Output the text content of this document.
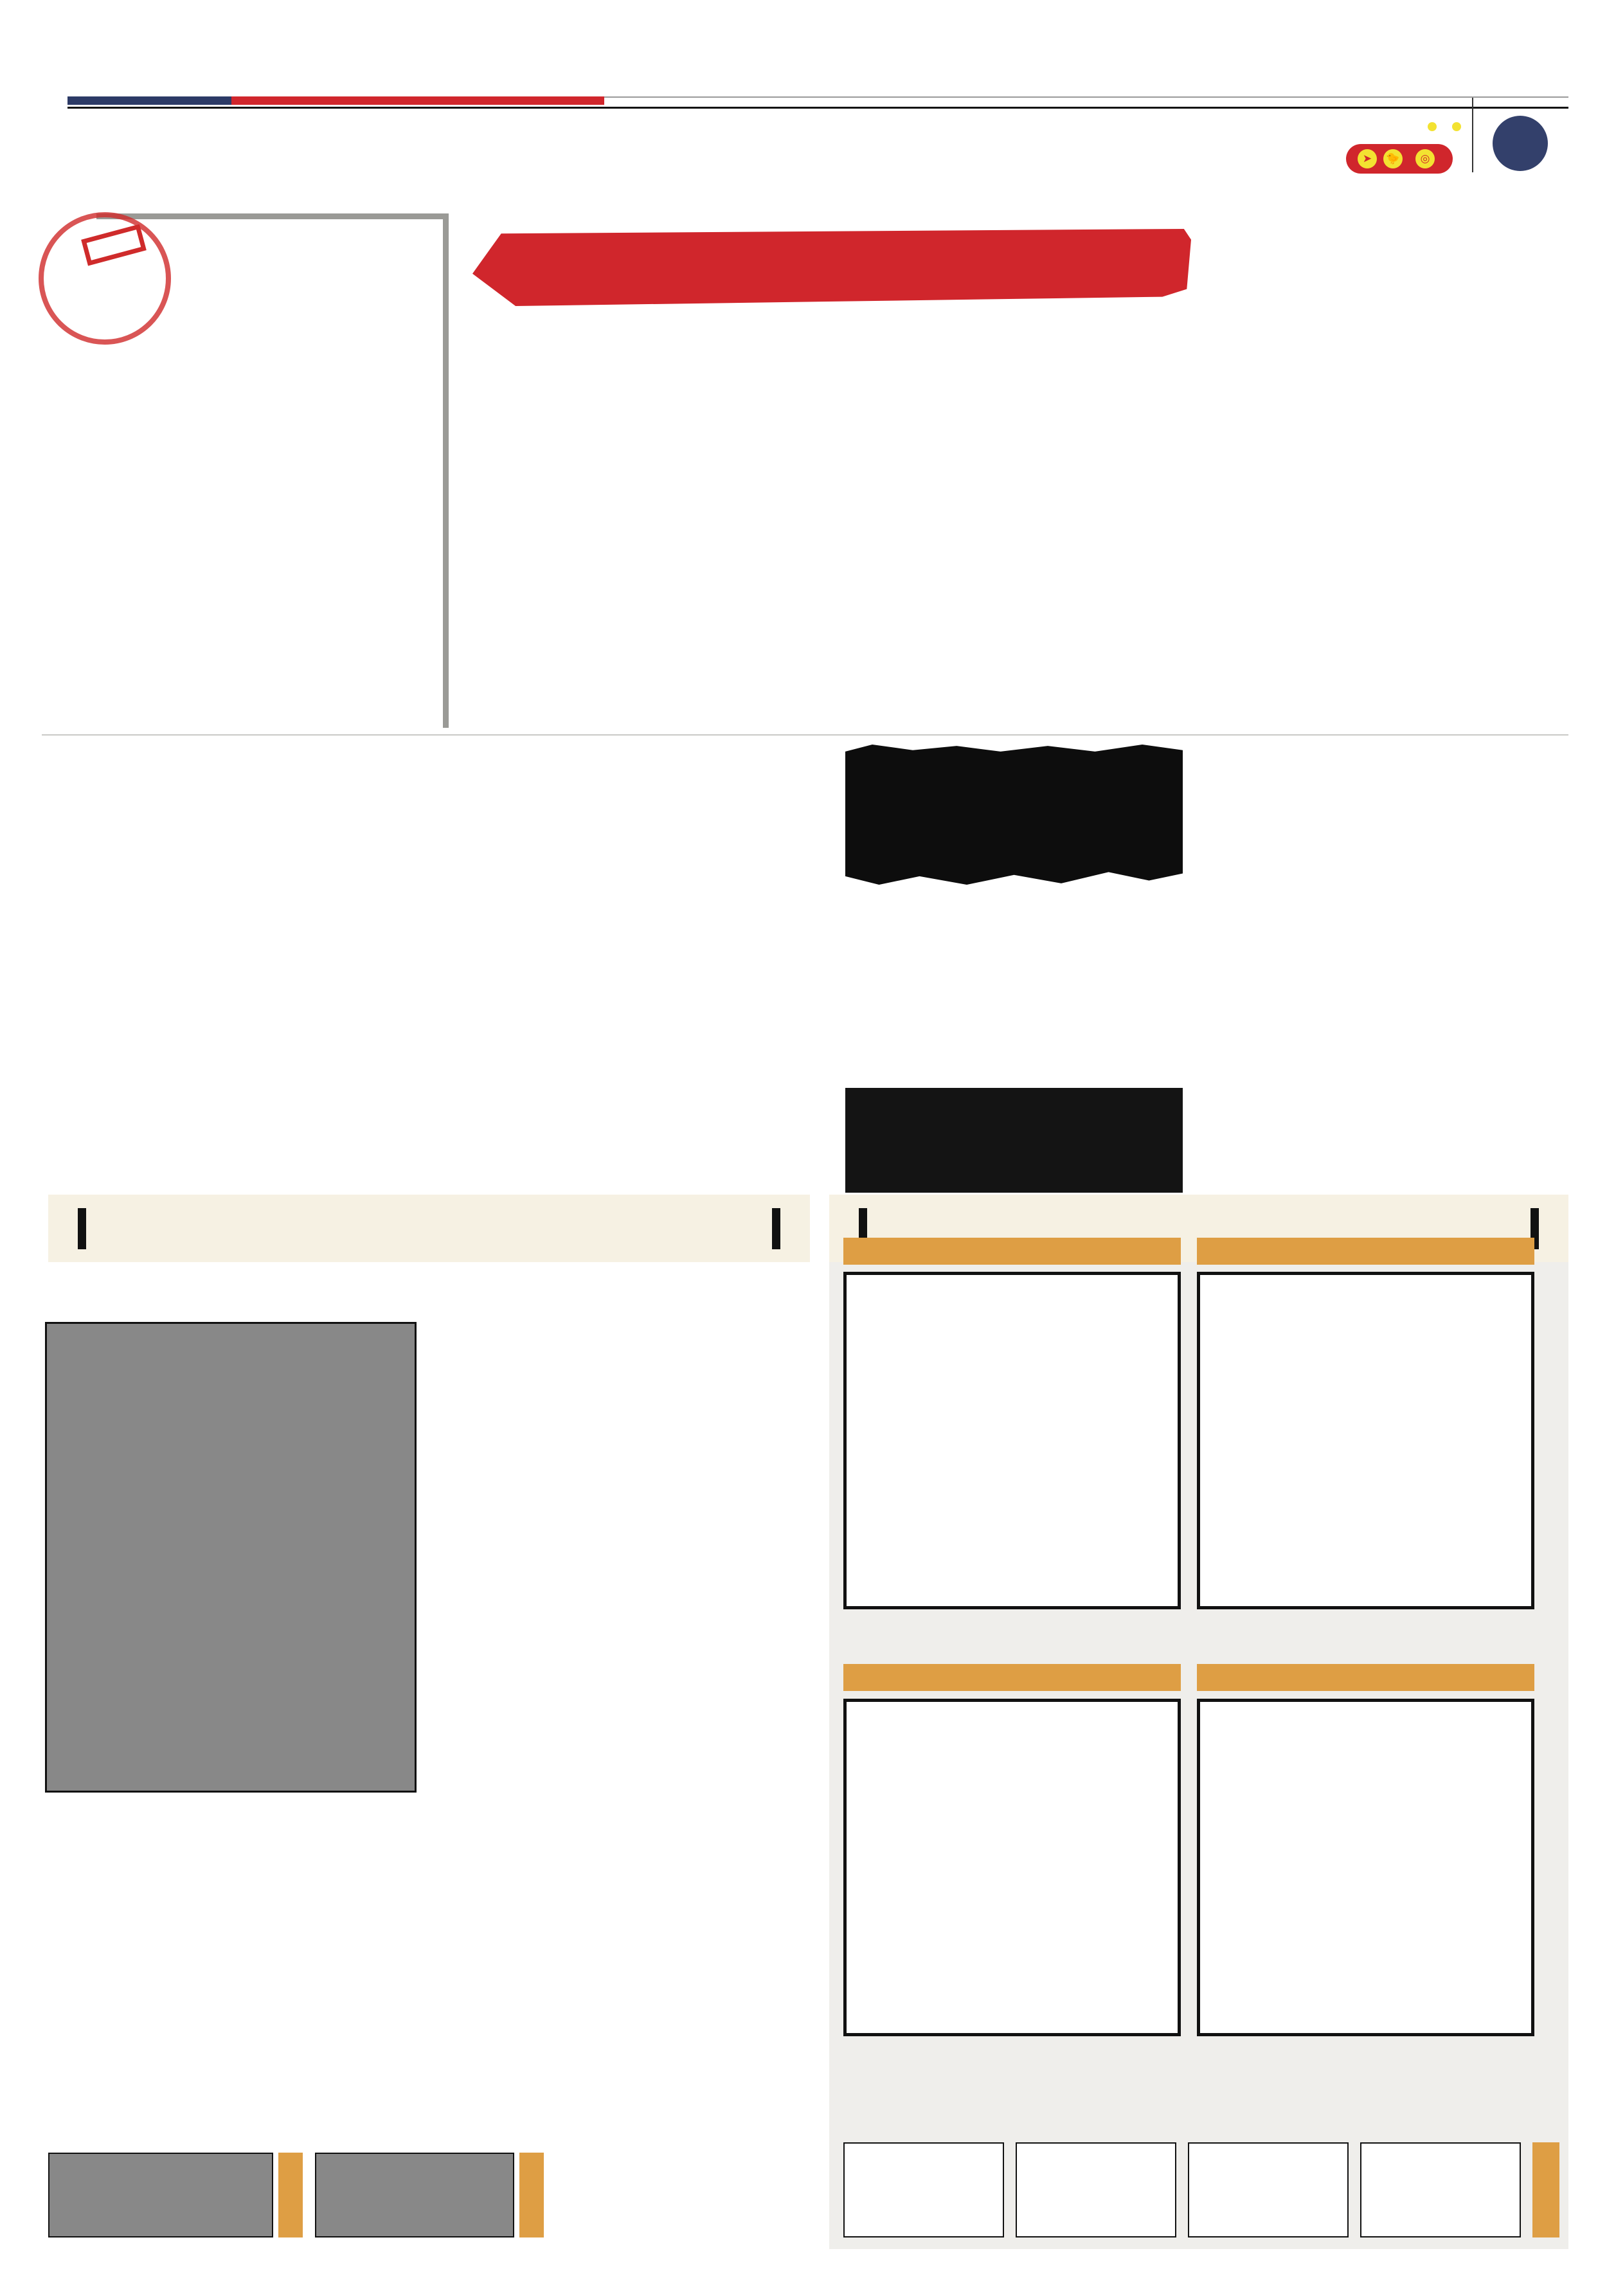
➤	🐤	◎
